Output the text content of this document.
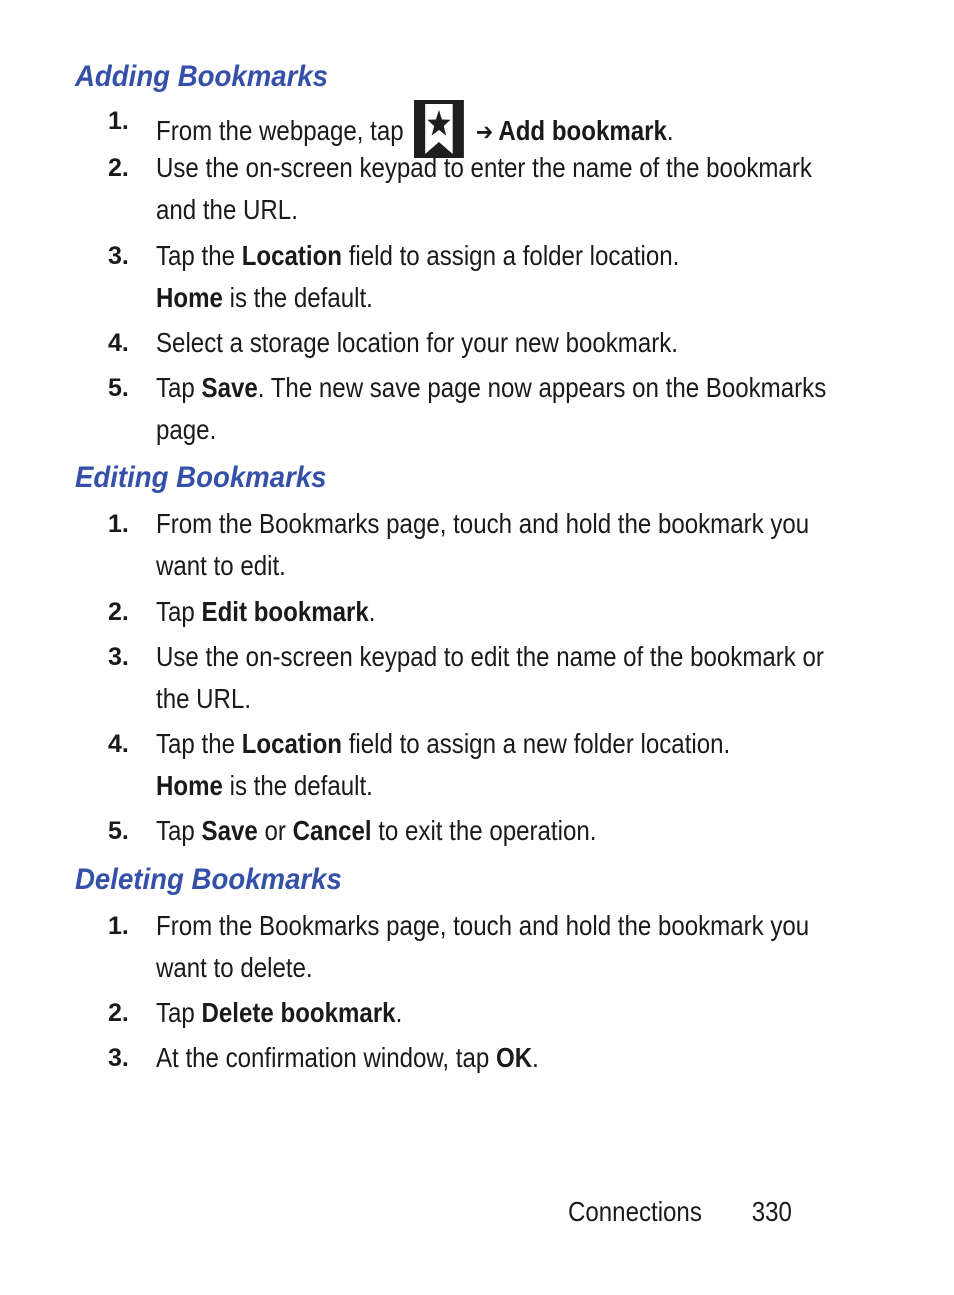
Adding Bookmarks
1. From the webpage, tap	➔ Add bookmark.
2. Use the on-screen keypad to enter the name of the bookmark and the URL.
3. Tap the Location field to assign a folder location.
Home is the default.
4. Select a storage location for your new bookmark.
5. Tap Save. The new save page now appears on the Bookmarks page.
Editing Bookmarks
1. From the Bookmarks page, touch and hold the bookmark you want to edit.
2. Tap Edit bookmark.
3. Use the on-screen keypad to edit the name of the bookmark or the URL.
4. Tap the Location field to assign a new folder location.
Home is the default.
5. Tap Save or Cancel to exit the operation.
Deleting Bookmarks
1. From the Bookmarks page, touch and hold the bookmark you want to delete.
2. Tap Delete bookmark.
3. At the confirmation window, tap OK.
Connections 330
